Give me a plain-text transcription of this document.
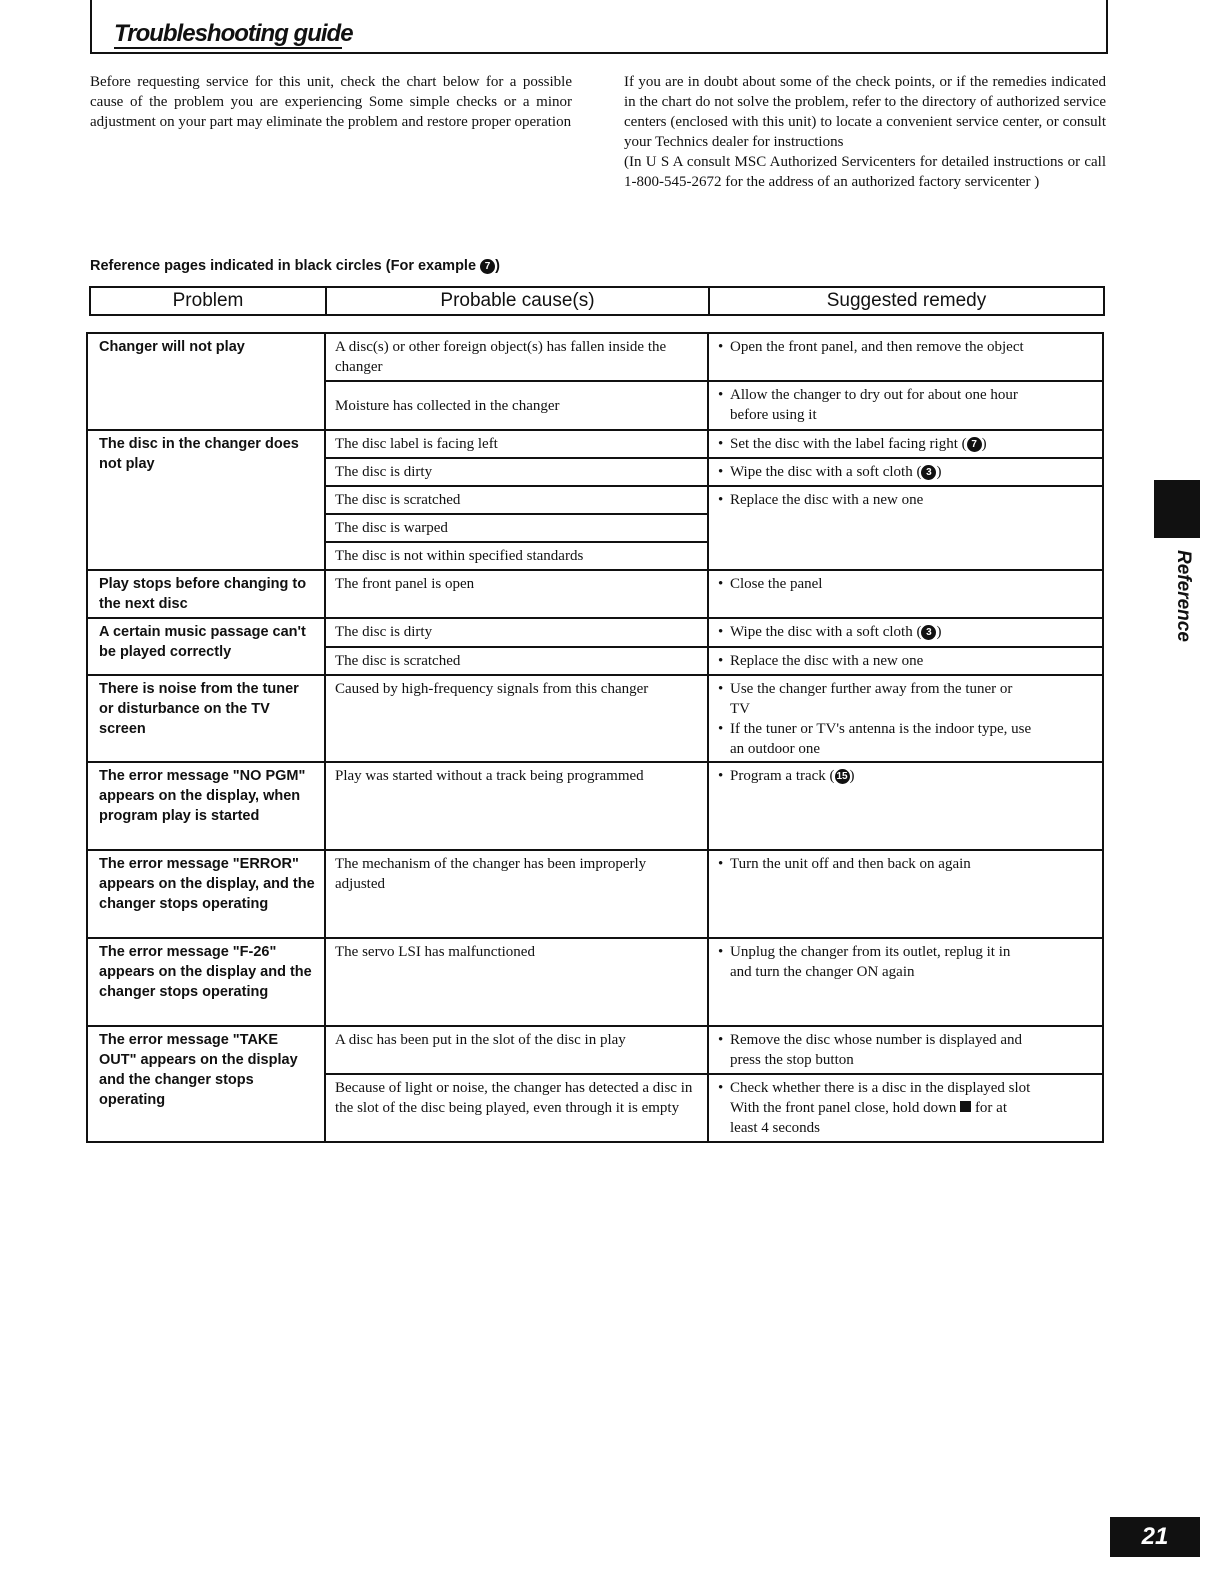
Troubleshooting guide

Before requesting service for this unit, check the chart below for a possible cause of the problem you are experiencing Some simple checks or a minor adjustment on your part may eliminate the problem and restore proper operation

If you are in doubt about some of the check points, or if the remedies indicated in the chart do not solve the problem, refer to the directory of authorized service centers (enclosed with this unit) to locate a convenient service center, or consult your Technics dealer for instructions

(In U S A consult MSC Authorized Servicenters for detailed instructions or call 1-800-545-2672 for the address of an authorized factory servicenter )

Reference pages indicated in black circles (For example 7 )
Problem	Probable cause(s)	Suggested remedy
Changer will not play	A disc(s) or other foreign object(s) has fallen inside the changer	• Open the front panel, and then remove the object
	Moisture has collected in the changer	• Allow the changer to dry out for about one hour
before using it

The disc in the changer does not play	The disc label is facing left	• Set the disc with the label facing right ( 7 )
	The disc is dirty	• Wipe the disc with a soft cloth ( 3 )
	The disc is scratched	• Replace the disc with a new one
	The disc is warped	
	The disc is not within specified standards	
Play stops before changing to the next disc	The front panel is open	• Close the panel
A certain music passage can't be played correctly	The disc is dirty	• Wipe the disc with a soft cloth ( 3 )
	The disc is scratched	• Replace the disc with a new one
There is noise from the tuner or disturbance on the TV screen	Caused by high-frequency signals from this changer	• Use the changer further away from the tuner or
TV
• If the tuner or TV's antenna is the indoor type, use
an outdoor one

The error message "NO PGM" appears on the display, when program play is started	Play was started without a track being programmed	• Program a track ( 15 )
The error message "ERROR" appears on the display, and the changer stops operating	The mechanism of the changer has been improperly adjusted	• Turn the unit off and then back on again
The error message "F-26" appears on the display and the changer stops operating	The servo LSI has malfunctioned	• Unplug the changer from its outlet, replug it in
and turn the changer ON again

The error message "TAKE OUT" appears on the display and the changer stops operating	A disc has been put in the slot of the disc in play	• Remove the disc whose number is displayed and
press the stop button

	Because of light or noise, the changer has detected a disc in the slot of the disc being played, even through it is empty	• Check whether there is a disc in the displayed slot
With the front panel close, hold down for at
least 4 seconds
Reference
21
